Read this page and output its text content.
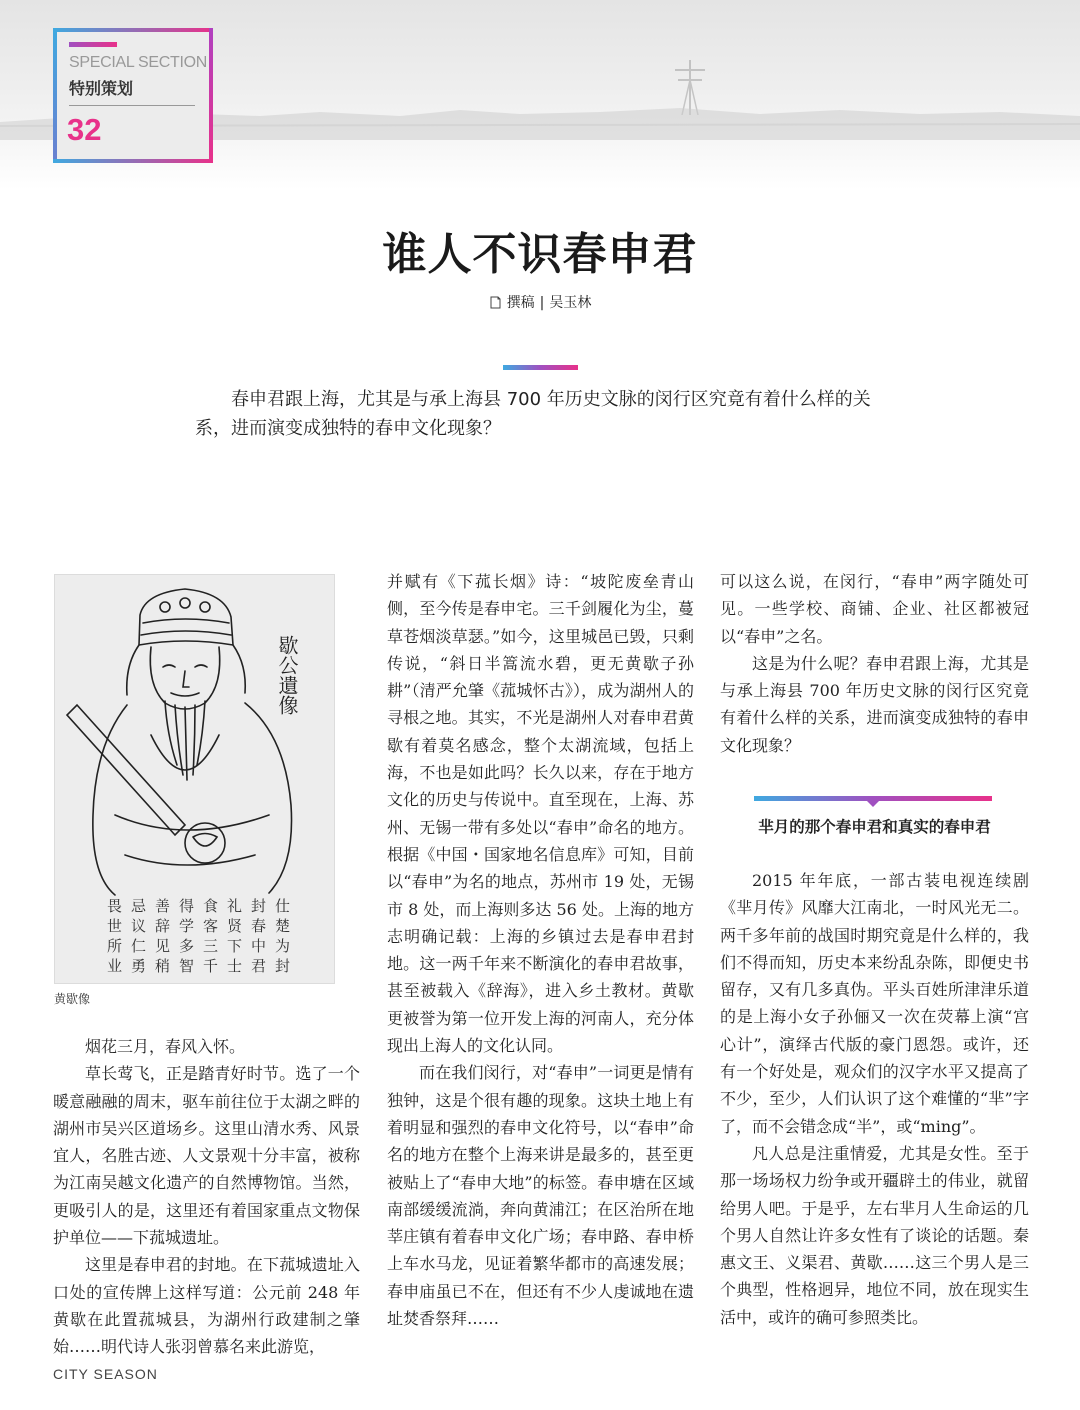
SPECIAL SECTION
特别策划
32
谁人不识春申君
撰稿 | 吴玉林
春申君跟上海，尤其是与承上海县 700 年历史文脉的闵行区究竟有着什么样的关系，进而演变成独特的春申文化现象？
歇公遺像
畏
世
所
业
忌
议
仁
勇
善
辞
见
稍
得
学
多
智
食
客
三
千
礼
贤
下
士
封
春
中
君
仕
楚
为
封
黄歇像

烟花三月，春风入怀。

草长莺飞，正是踏青好时节。选了一个暖意融融的周末，驱车前往位于太湖之畔的湖州市吴兴区道场乡。这里山清水秀、风景宜人，名胜古迹、人文景观十分丰富，被称为江南吴越文化遗产的自然博物馆。当然，更吸引人的是，这里还有着国家重点文物保护单位——下菰城遗址。

这里是春申君的封地。在下菰城遗址入口处的宣传牌上这样写道：公元前 248 年黄歇在此置菰城县，为湖州行政建制之肇始……明代诗人张羽曾慕名来此游览，

并赋有《下菰长烟》诗：“坡陀废垒青山侧，至今传是春申宅。三千剑履化为尘，蔓草苍烟淡草瑟。”如今，这里城邑已毁，只剩传说，“斜日半篙流水碧，更无黄歇子孙耕”（清严允肇《菰城怀古》），成为湖州人的寻根之地。其实，不光是湖州人对春申君黄歇有着莫名感念，整个太湖流域，包括上海，不也是如此吗？长久以来，存在于地方文化的历史与传说中。直至现在，上海、苏州、无锡一带有多处以“春申”命名的地方。根据《中国・国家地名信息库》可知，目前以“春申”为名的地点，苏州市 19 处，无锡市 8 处，而上海则多达 56 处。上海的地方志明确记载：上海的乡镇过去是春申君封地。这一两千年来不断演化的春申君故事，甚至被载入《辞海》，进入乡土教材。黄歇更被誉为第一位开发上海的河南人，充分体现出上海人的文化认同。

而在我们闵行，对“春申”一词更是情有独钟，这是个很有趣的现象。这块土地上有着明显和强烈的春申文化符号，以“春申”命名的地方在整个上海来讲是最多的，甚至更被贴上了“春申大地”的标签。春申塘在区域南部缓缓流淌，奔向黄浦江；在区治所在地莘庄镇有着春申文化广场；春申路、春申桥上车水马龙，见证着繁华都市的高速发展；春申庙虽已不在，但还有不少人虔诚地在遗址焚香祭拜……

可以这么说，在闵行，“春申”两字随处可见。一些学校、商铺、企业、社区都被冠以“春申”之名。

这是为什么呢？春申君跟上海，尤其是与承上海县 700 年历史文脉的闵行区究竟有着什么样的关系，进而演变成独特的春申文化现象？

芈月的那个春申君和真实的春申君

2015 年年底，一部古装电视连续剧《芈月传》风靡大江南北，一时风光无二。两千多年前的战国时期究竟是什么样的，我们不得而知，历史本来纷乱杂陈，即便史书留存，又有几多真伪。平头百姓所津津乐道的是上海小女子孙俪又一次在荧幕上演“宫心计”，演绎古代版的豪门恩怨。或许，还有一个好处是，观众们的汉字水平又提高了不少，至少，人们认识了这个难懂的“芈”字了，而不会错念成“半”，或“ming”。

凡人总是注重情爱，尤其是女性。至于那一场场权力纷争或开疆辟土的伟业，就留给男人吧。于是乎，左右芈月人生命运的几个男人自然让许多女性有了谈论的话题。秦惠文王、义渠君、黄歇……这三个男人是三个典型，性格迥异，地位不同，放在现实生活中，或许的确可参照类比。

CITY SEASON
